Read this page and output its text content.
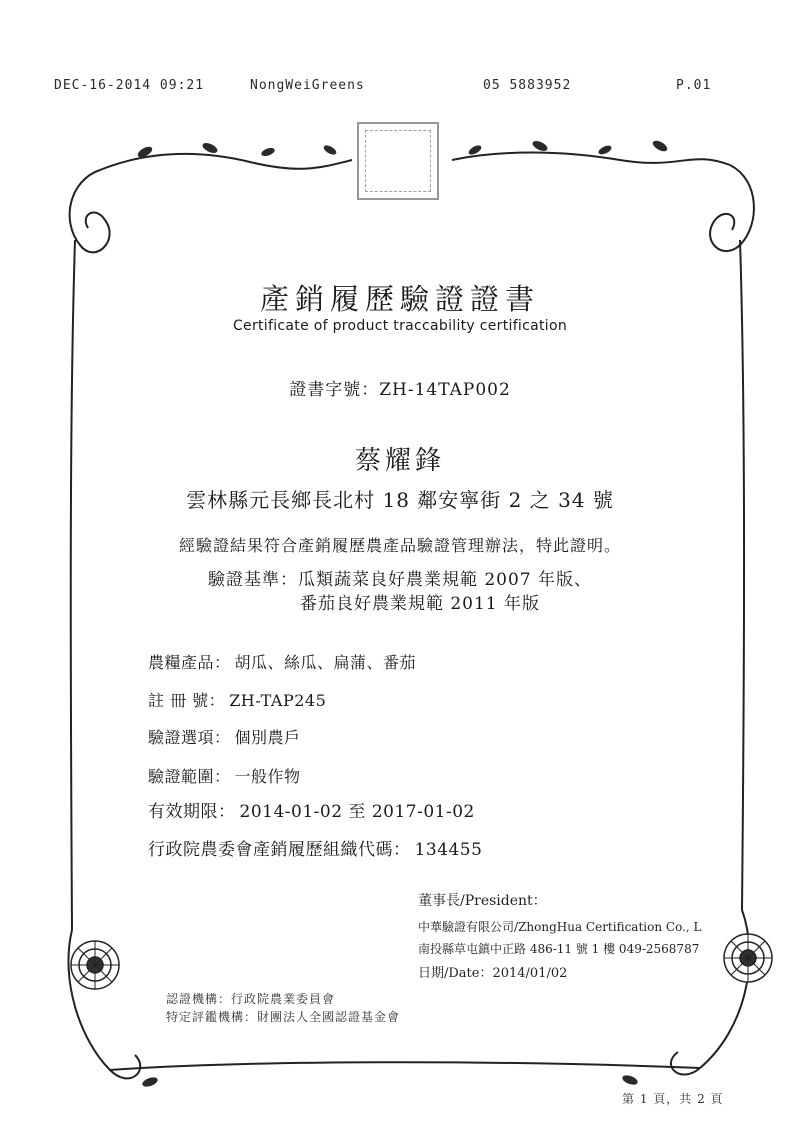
DEC-16-2014 09:21	NongWeiGreens	05 5883952	P.01
產銷履歷驗證證書
Certificate of product traccability certification
證書字號：ZH-14TAP002
蔡耀鋒
雲林縣元長鄉長北村 18 鄰安寧街 2 之 34 號
經驗證結果符合產銷履歷農產品驗證管理辦法，特此證明。
驗證基準：瓜類蔬菜良好農業規範 2007 年版、
番茄良好農業規範 2011 年版
農糧產品： 胡瓜、絲瓜、扁蒲、番茄
註 冊 號： ZH-TAP245
驗證選項： 個別農戶
驗證範圍： 一般作物
有效期限： 2014-01-02 至 2017-01-02
行政院農委會產銷履歷組織代碼： 134455
董事長/President：
中華驗證有限公司/ZhongHua Certification Co., L
南投縣草屯鎮中正路 486-11 號 1 樓 049-2568787
日期/Date：2014/01/02
認證機構：行政院農業委員會
特定評鑑機構：財團法人全國認證基金會
第 1 頁，共 2 頁
